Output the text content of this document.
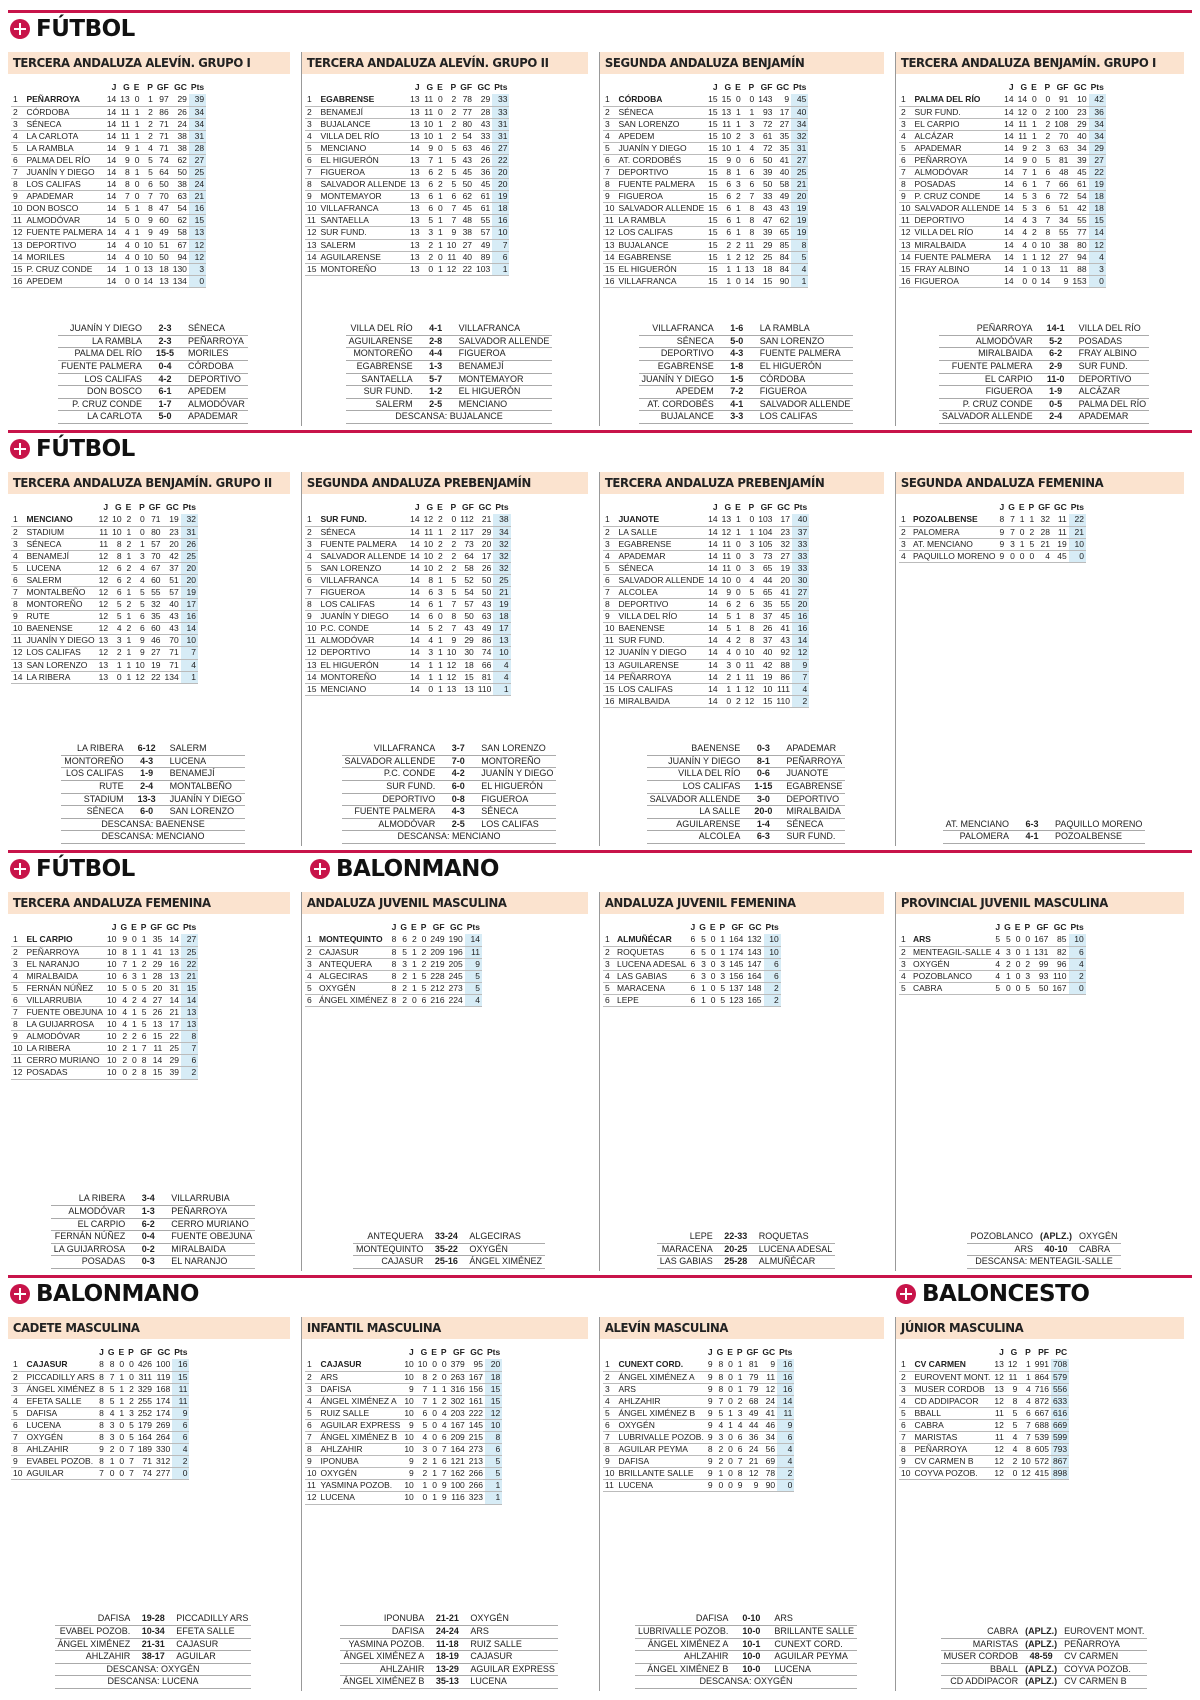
FÚTBOL
TERCERA ANDALUZA ALEVÍN. GRUPO I
		J	G	E	P	GF	GC	Pts
1	PEÑARROYA	14	13	0	1	97	29	39
2	CÓRDOBA	14	11	1	2	86	26	34
3	SÉNECA	14	11	1	2	71	24	34
4	LA CARLOTA	14	11	1	2	71	38	31
5	LA RAMBLA	14	9	1	4	71	38	28
6	PALMA DEL RÍO	14	9	0	5	74	62	27
7	JUANÍN Y DIEGO	14	8	1	5	64	50	25
8	LOS CALIFAS	14	8	0	6	50	38	24
9	APADEMAR	14	7	0	7	70	63	21
10	DON BOSCO	14	5	1	8	47	54	16
11	ALMODÓVAR	14	5	0	9	60	62	15
12	FUENTE PALMERA	14	4	1	9	49	58	13
13	DEPORTIVO	14	4	0	10	51	67	12
14	MORILES	14	4	0	10	50	94	12
15	P. CRUZ CONDE	14	1	0	13	18	130	3
16	APEDEM	14	0	0	14	13	134	0
JUANÍN Y DIEGO	2-3	SÉNECA
LA RAMBLA	2-3	PEÑARROYA
PALMA DEL RÍO	15-5	MORILES
FUENTE PALMERA	0-4	CÓRDOBA
LOS CALIFAS	4-2	DEPORTIVO
DON BOSCO	6-1	APEDEM
P. CRUZ CONDE	1-7	ALMODÓVAR
LA CARLOTA	5-0	APADEMAR
TERCERA ANDALUZA ALEVÍN. GRUPO II
		J	G	E	P	GF	GC	Pts
1	EGABRENSE	13	11	0	2	78	29	33
2	BENAMEJÍ	13	11	0	2	77	28	33
3	BUJALANCE	13	10	1	2	80	43	31
4	VILLA DEL RÍO	13	10	1	2	54	33	31
5	MENCIANO	14	9	0	5	63	46	27
6	EL HIGUERÓN	13	7	1	5	43	26	22
7	FIGUEROA	13	6	2	5	45	36	20
8	SALVADOR ALLENDE	13	6	2	5	50	45	20
9	MONTEMAYOR	13	6	1	6	62	61	19
10	VILLAFRANCA	13	6	0	7	45	61	18
11	SANTAELLA	13	5	1	7	48	55	16
12	SUR FUND.	13	3	1	9	38	57	10
13	SALERM	13	2	1	10	27	49	7
14	AGUILARENSE	13	2	0	11	40	89	6
15	MONTOREÑO	13	0	1	12	22	103	1
VILLA DEL RÍO	4-1	VILLAFRANCA
AGUILARENSE	2-8	SALVADOR ALLENDE
MONTOREÑO	4-4	FIGUEROA
EGABRENSE	1-3	BENAMEJÍ
SANTAELLA	5-7	MONTEMAYOR
SUR FUND.	1-2	EL HIGUERÓN
SALERM	2-5	MENCIANO
DESCANSA: BUJALANCE		
SEGUNDA ANDALUZA BENJAMÍN
		J	G	E	P	GF	GC	Pts
1	CÓRDOBA	15	15	0	0	143	9	45
2	SÉNECA	15	13	1	1	93	17	40
3	SAN LORENZO	15	11	1	3	72	27	34
4	APEDEM	15	10	2	3	61	35	32
5	JUANÍN Y DIEGO	15	10	1	4	72	35	31
6	AT. CORDOBÉS	15	9	0	6	50	41	27
7	DEPORTIVO	15	8	1	6	39	40	25
8	FUENTE PALMERA	15	6	3	6	50	58	21
9	FIGUEROA	15	6	2	7	33	49	20
10	SALVADOR ALLENDE	15	6	1	8	43	43	19
11	LA RAMBLA	15	6	1	8	47	62	19
12	LOS CALIFAS	15	6	1	8	39	65	19
13	BUJALANCE	15	2	2	11	29	85	8
14	EGABRENSE	15	1	2	12	25	84	5
15	EL HIGUERÓN	15	1	1	13	18	84	4
16	VILLAFRANCA	15	1	0	14	15	90	1
VILLAFRANCA	1-6	LA RAMBLA
SÉNECA	5-0	SAN LORENZO
DEPORTIVO	4-3	FUENTE PALMERA
EGABRENSE	1-8	EL HIGUERÓN
JUANÍN Y DIEGO	1-5	CÓRDOBA
APEDEM	7-2	FIGUEROA
AT. CORDOBÉS	4-1	SALVADOR ALLENDE
BUJALANCE	3-3	LOS CALIFAS
TERCERA ANDALUZA BENJAMÍN. GRUPO I
		J	G	E	P	GF	GC	Pts
1	PALMA DEL RÍO	14	14	0	0	91	10	42
2	SUR FUND.	14	12	0	2	100	23	36
3	EL CARPIO	14	11	1	2	108	29	34
4	ALCÁZAR	14	11	1	2	70	40	34
5	APADEMAR	14	9	2	3	63	34	29
6	PEÑARROYA	14	9	0	5	81	39	27
7	ALMODÓVAR	14	7	1	6	48	45	22
8	POSADAS	14	6	1	7	66	61	19
9	P. CRUZ CONDE	14	5	3	6	72	54	18
10	SALVADOR ALLENDE	14	5	3	6	51	42	18
11	DEPORTIVO	14	4	3	7	34	55	15
12	VILLA DEL RÍO	14	4	2	8	55	77	14
13	MIRALBAIDA	14	4	0	10	38	80	12
14	FUENTE PALMERA	14	1	1	12	27	94	4
15	FRAY ALBINO	14	1	0	13	11	88	3
16	FIGUEROA	14	0	0	14	9	153	0
PEÑARROYA	14-1	VILLA DEL RÍO
ALMODÓVAR	5-2	POSADAS
MIRALBAIDA	6-2	FRAY ALBINO
FUENTE PALMERA	2-9	SUR FUND.
EL CARPIO	11-0	DEPORTIVO
FIGUEROA	1-9	ALCÁZAR
P. CRUZ CONDE	0-5	PALMA DEL RÍO
SALVADOR ALLENDE	2-4	APADEMAR
FÚTBOL
TERCERA ANDALUZA BENJAMÍN. GRUPO II
		J	G	E	P	GF	GC	Pts
1	MENCIANO	12	10	2	0	71	19	32
2	STADIUM	11	10	1	0	80	23	31
3	SÉNECA	11	8	2	1	57	20	26
4	BENAMEJÍ	12	8	1	3	70	42	25
5	LUCENA	12	6	2	4	67	37	20
6	SALERM	12	6	2	4	60	51	20
7	MONTALBEÑO	12	6	1	5	55	57	19
8	MONTOREÑO	12	5	2	5	32	40	17
9	RUTE	12	5	1	6	35	43	16
10	BAENENSE	12	4	2	6	60	43	14
11	JUANÍN Y DIEGO	13	3	1	9	46	70	10
12	LOS CALIFAS	12	2	1	9	27	71	7
13	SAN LORENZO	13	1	1	10	19	71	4
14	LA RIBERA	13	0	1	12	22	134	1
LA RIBERA	6-12	SALERM
MONTOREÑO	4-3	LUCENA
LOS CALIFAS	1-9	BENAMEJÍ
RUTE	2-4	MONTALBEÑO
STADIUM	13-3	JUANÍN Y DIEGO
SÉNECA	6-0	SAN LORENZO
DESCANSA: BAENENSE		
DESCANSA: MENCIANO		
SEGUNDA ANDALUZA PREBENJAMÍN
		J	G	E	P	GF	GC	Pts
1	SUR FUND.	14	12	2	0	112	21	38
2	SÉNECA	14	11	1	2	117	29	34
3	FUENTE PALMERA	14	10	2	2	73	20	32
4	SALVADOR ALLENDE	14	10	2	2	64	17	32
5	SAN LORENZO	14	10	2	2	58	26	32
6	VILLAFRANCA	14	8	1	5	52	50	25
7	FIGUEROA	14	6	3	5	54	50	21
8	LOS CALIFAS	14	6	1	7	57	43	19
9	JUANÍN Y DIEGO	14	6	0	8	50	63	18
10	P.C. CONDE	14	5	2	7	43	49	17
11	ALMODÓVAR	14	4	1	9	29	86	13
12	DEPORTIVO	14	3	1	10	30	74	10
13	EL HIGUERÓN	14	1	1	12	18	66	4
14	MONTOREÑO	14	1	1	12	15	81	4
15	MENCIANO	14	0	1	13	13	110	1
VILLAFRANCA	3-7	SAN LORENZO
SALVADOR ALLENDE	7-0	MONTOREÑO
P.C. CONDE	4-2	JUANÍN Y DIEGO
SUR FUND.	6-0	EL HIGUERÓN
DEPORTIVO	0-8	FIGUEROA
FUENTE PALMERA	4-3	SÉNECA
ALMODÓVAR	2-5	LOS CALIFAS
DESCANSA: MENCIANO		
TERCERA ANDALUZA PREBENJAMÍN
		J	G	E	P	GF	GC	Pts
1	JUANOTE	14	13	1	0	103	17	40
2	LA SALLE	14	12	1	1	104	23	37
3	EGABRENSE	14	11	0	3	105	32	33
4	APADEMAR	14	11	0	3	73	27	33
5	SÉNECA	14	11	0	3	65	19	33
6	SALVADOR ALLENDE	14	10	0	4	44	20	30
7	ALCOLEA	14	9	0	5	65	41	27
8	DEPORTIVO	14	6	2	6	35	55	20
9	VILLA DEL RÍO	14	5	1	8	37	45	16
10	BAENENSE	14	5	1	8	26	41	16
11	SUR FUND.	14	4	2	8	37	43	14
12	JUANÍN Y DIEGO	14	4	0	10	40	92	12
13	AGUILARENSE	14	3	0	11	42	88	9
14	PEÑARROYA	14	2	1	11	19	86	7
15	LOS CALIFAS	14	1	1	12	10	111	4
16	MIRALBAIDA	14	0	2	12	15	110	2
BAENENSE	0-3	APADEMAR
JUANÍN Y DIEGO	8-1	PEÑARROYA
VILLA DEL RÍO	0-6	JUANOTE
LOS CALIFAS	1-15	EGABRENSE
SALVADOR ALLENDE	3-0	DEPORTIVO
LA SALLE	20-0	MIRALBAIDA
AGUILARENSE	1-4	SÉNECA
ALCOLEA	6-3	SUR FUND.
SEGUNDA ANDALUZA FEMENINA
		J	G	E	P	GF	GC	Pts
1	POZOALBENSE	8	7	1	1	32	11	22
2	PALOMERA	9	7	0	2	28	11	21
3	AT. MENCIANO	9	3	1	5	21	19	10
4	PAQUILLO MORENO	9	0	0	0	4	45	0
AT. MENCIANO	6-3	PAQUILLO MORENO
PALOMERA	4-1	POZOALBENSE
FÚTBOL	BALONMANO
TERCERA ANDALUZA FEMENINA
		J	G	E	P	GF	GC	Pts
1	EL CARPIO	10	9	0	1	35	14	27
2	PEÑARROYA	10	8	1	1	41	13	25
3	EL NARANJO	10	7	1	2	29	16	22
4	MIRALBAIDA	10	6	3	1	28	13	21
5	FERNÁN NÚÑEZ	10	5	0	5	20	31	15
6	VILLARRUBIA	10	4	2	4	27	14	14
7	FUENTE OBEJUNA	10	4	1	5	26	21	13
8	LA GUIJARROSA	10	4	1	5	13	17	13
9	ALMODÓVAR	10	2	2	6	15	22	8
10	LA RIBERA	10	2	1	7	11	25	7
11	CERRO MURIANO	10	2	0	8	14	29	6
12	POSADAS	10	0	2	8	15	39	2
LA RIBERA	3-4	VILLARRUBIA
ALMODÓVAR	1-3	PEÑARROYA
EL CARPIO	6-2	CERRO MURIANO
FERNÁN NÚÑEZ	0-4	FUENTE OBEJUNA
LA GUIJARROSA	0-2	MIRALBAIDA
POSADAS	0-3	EL NARANJO
ANDALUZA JUVENIL MASCULINA
		J	G	E	P	GF	GC	Pts
1	MONTEQUINTO	8	6	2	0	249	190	14
2	CAJASUR	8	5	1	2	209	196	11
3	ANTEQUERA	8	3	1	2	219	205	9
4	ALGECIRAS	8	2	1	5	228	245	5
5	OXYGÉN	8	2	1	5	212	273	5
6	ÁNGEL XIMÉNEZ	8	2	0	6	216	224	4
ANTEQUERA	33-24	ALGECIRAS
MONTEQUINTO	35-22	OXYGÉN
CAJASUR	25-16	ÁNGEL XIMÉNEZ
ANDALUZA JUVENIL FEMENINA
		J	G	E	P	GF	GC	Pts
1	ALMUÑÉCAR	6	5	0	1	164	132	10
2	ROQUETAS	6	5	0	1	174	143	10
3	LUCENA ADESAL	6	3	0	3	145	147	6
4	LAS GABIAS	6	3	0	3	156	164	6
5	MARACENA	6	1	0	5	137	148	2
6	LEPE	6	1	0	5	123	165	2
LEPE	22-33	ROQUETAS
MARACENA	20-25	LUCENA ADESAL
LAS GABIAS	25-28	ALMUÑÉCAR
PROVINCIAL JUVENIL MASCULINA
		J	G	E	P	GF	GC	Pts
1	ARS	5	5	0	0	167	85	10
2	MENTEAGIL-SALLE	4	3	0	1	131	82	6
3	OXYGÉN	4	2	0	2	99	96	4
4	POZOBLANCO	4	1	0	3	93	110	2
5	CABRA	5	0	0	5	50	167	0
POZOBLANCO	(APLZ.)	OXYGÉN
ARS	40-10	CABRA
DESCANSA: MENTEAGIL-SALLE		
BALONMANO	BALONCESTO
CADETE MASCULINA
		J	G	E	P	GF	GC	Pts
1	CAJASUR	8	8	0	0	426	100	16
2	PICCADILLY ARS	8	7	1	0	311	119	15
3	ÁNGEL XIMÉNEZ	8	5	1	2	329	168	11
4	EFETA SALLE	8	5	1	2	255	174	11
5	DAFISA	8	4	1	3	252	174	9
6	LUCENA	8	3	0	5	179	269	6
7	OXYGÉN	8	3	0	5	164	264	6
8	AHLZAHIR	9	2	0	7	189	330	4
9	EVABEL POZOB.	8	1	0	7	71	312	2
10	AGUILAR	7	0	0	7	74	277	0
DAFISA	19-28	PICCADILLY ARS
EVABEL POZOB.	10-34	EFETA SALLE
ÁNGEL XIMÉNEZ	21-31	CAJASUR
AHLZAHIR	38-17	AGUILAR
DESCANSA: OXYGÉN		
DESCANSA: LUCENA		
INFANTIL MASCULINA
		J	G	E	P	GF	GC	Pts
1	CAJASUR	10	10	0	0	379	95	20
2	ARS	10	8	2	0	263	167	18
3	DAFISA	9	7	1	1	316	156	15
4	ÁNGEL XIMÉNEZ A	10	7	1	2	302	161	15
5	RUIZ SALLE	10	6	0	4	203	222	12
6	AGUILAR EXPRESS	9	5	0	4	167	145	10
7	ÁNGEL XIMÉNEZ B	10	4	0	6	209	215	8
8	AHLZAHIR	10	3	0	7	164	273	6
9	IPONUBA	9	2	1	6	121	213	5
10	OXYGÉN	9	2	1	7	162	266	5
11	YASMINA POZOB.	10	1	0	9	100	266	1
12	LUCENA	10	0	1	9	116	323	1
IPONUBA	21-21	OXYGÉN
DAFISA	24-24	ARS
YASMINA POZOB.	11-18	RUIZ SALLE
ÁNGEL XIMÉNEZ A	18-19	CAJASUR
AHLZAHIR	13-29	AGUILAR EXPRESS
ÁNGEL XIMÉNEZ B	35-13	LUCENA
ALEVÍN MASCULINA
		J	G	E	P	GF	GC	Pts
1	CUNEXT CORD.	9	8	0	1	81	9	16
2	ÁNGEL XIMÉNEZ A	9	8	0	1	79	11	16
3	ARS	9	8	0	1	79	12	16
4	AHLZAHIR	9	7	0	2	68	24	14
5	ÁNGEL XIMÉNEZ B	9	5	1	3	49	41	11
6	OXYGÉN	9	4	1	4	44	46	9
7	LUBRIVALLE POZOB.	9	3	0	6	36	34	6
8	AGUILAR PEYMA	8	2	0	6	24	56	4
9	DAFISA	9	2	0	7	21	69	4
10	BRILLANTE SALLE	9	1	0	8	12	78	2
11	LUCENA	9	0	0	9	9	90	0
DAFISA	0-10	ARS
LUBRIVALLE POZOB.	10-0	BRILLANTE SALLE
ÁNGEL XIMÉNEZ A	10-1	CUNEXT CORD.
AHLZAHIR	10-0	AGUILAR PEYMA
ÁNGEL XIMÉNEZ B	10-0	LUCENA
DESCANSA: OXYGÉN		
JÚNIOR MASCULINA
		J	G	P	PF	PC
1	CV CARMEN	13	12	1	991	708
2	EUROVENT MONT.	12	11	1	864	579
3	MUSER CORDOB	13	9	4	716	556
4	CD ADDIPACOR	12	8	4	872	633
5	BBALL	11	5	6	667	616
6	CABRA	12	5	7	688	669
7	MARISTAS	11	4	7	539	599
8	PEÑARROYA	12	4	8	605	793
9	CV CARMEN B	12	2	10	572	867
10	COYVA POZOB.	12	0	12	415	898
CABRA	(APLZ.)	EUROVENT MONT.
MARISTAS	(APLZ.)	PEÑARROYA
MUSER CORDOB	48-59	CV CARMEN
BBALL	(APLZ.)	COYVA POZOB.
CD ADDIPACOR	(APLZ.)	CV CARMEN B
